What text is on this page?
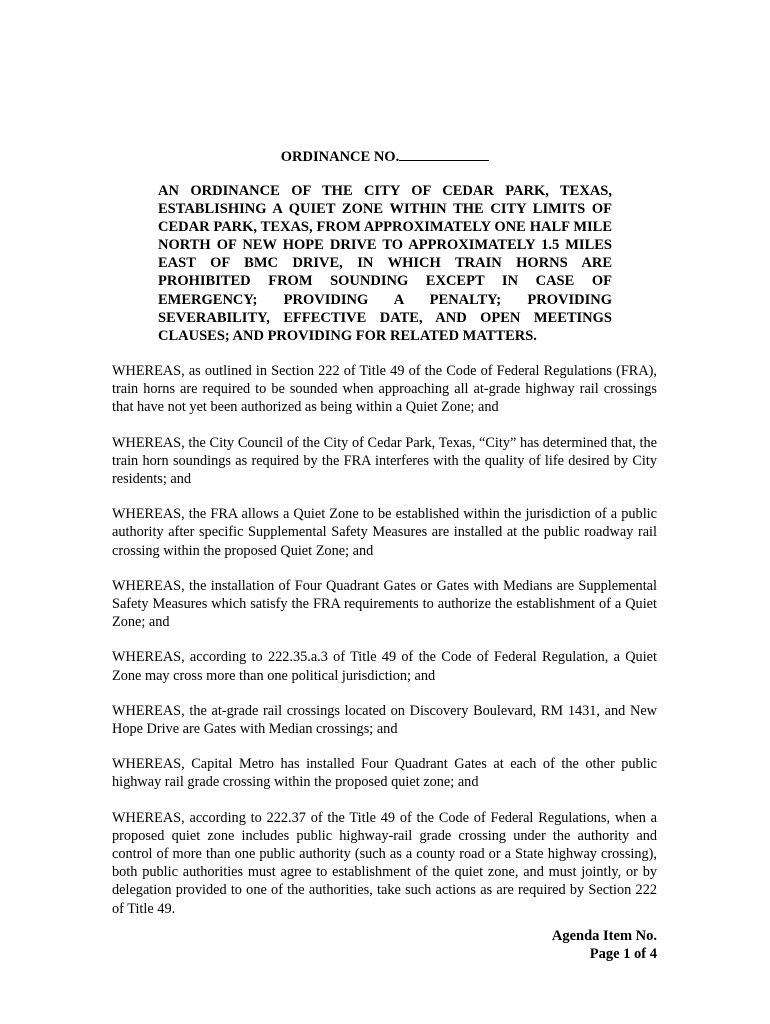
ORDINANCE NO.
AN ORDINANCE OF THE CITY OF CEDAR PARK, TEXAS, ESTABLISHING A QUIET ZONE WITHIN THE CITY LIMITS OF CEDAR PARK, TEXAS, FROM APPROXIMATELY ONE HALF MILE NORTH OF NEW HOPE DRIVE TO APPROXIMATELY 1.5 MILES EAST OF BMC DRIVE, IN WHICH TRAIN HORNS ARE PROHIBITED FROM SOUNDING EXCEPT IN CASE OF EMERGENCY; PROVIDING A PENALTY; PROVIDING SEVERABILITY, EFFECTIVE DATE, AND OPEN MEETINGS CLAUSES; AND PROVIDING FOR RELATED MATTERS.

WHEREAS, as outlined in Section 222 of Title 49 of the Code of Federal Regulations (FRA), train horns are required to be sounded when approaching all at-grade highway rail crossings that have not yet been authorized as being within a Quiet Zone; and

WHEREAS, the City Council of the City of Cedar Park, Texas, “City” has determined that, the train horn soundings as required by the FRA interferes with the quality of life desired by City residents; and

WHEREAS, the FRA allows a Quiet Zone to be established within the jurisdiction of a public authority after specific Supplemental Safety Measures are installed at the public roadway rail crossing within the proposed Quiet Zone; and

WHEREAS, the installation of Four Quadrant Gates or Gates with Medians are Supplemental Safety Measures which satisfy the FRA requirements to authorize the establishment of a Quiet Zone; and

WHEREAS, according to 222.35.a.3 of Title 49 of the Code of Federal Regulation, a Quiet Zone may cross more than one political jurisdiction; and

WHEREAS, the at-grade rail crossings located on Discovery Boulevard, RM 1431, and New Hope Drive are Gates with Median crossings; and

WHEREAS, Capital Metro has installed Four Quadrant Gates at each of the other public highway rail grade crossing within the proposed quiet zone; and

WHEREAS, according to 222.37 of the Title 49 of the Code of Federal Regulations, when a proposed quiet zone includes public highway-rail grade crossing under the authority and control of more than one public authority (such as a county road or a State highway crossing), both public authorities must agree to establishment of the quiet zone, and must jointly, or by delegation provided to one of the authorities, take such actions as are required by Section 222 of Title 49.

Agenda Item No.
Page 1 of 4
